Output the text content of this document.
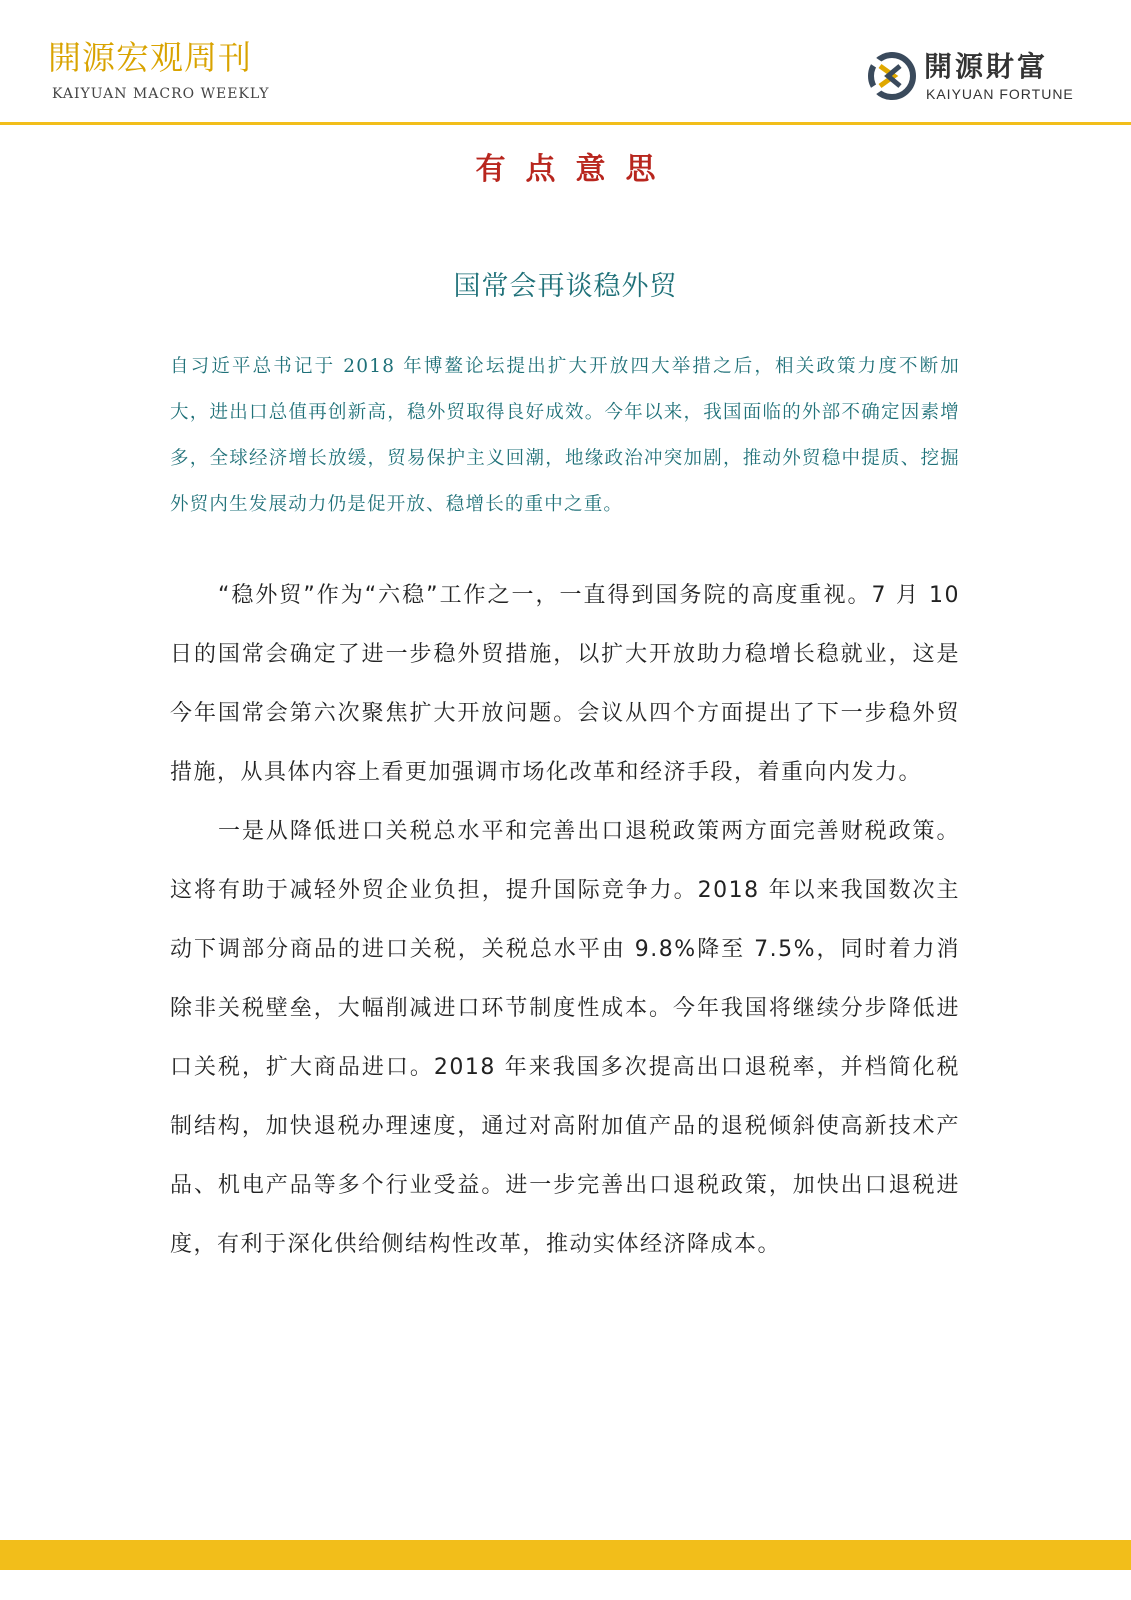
開源宏观周刊
KAIYUAN MACRO WEEKLY
開源財富
KAIYUAN FORTUNE
有点意思
国常会再谈稳外贸
自习近平总书记于 2018 年博鳌论坛提出扩大开放四大举措之后，相关政策力度不断加大，进出口总值再创新高，稳外贸取得良好成效。今年以来，我国面临的外部不确定因素增多，全球经济增长放缓，贸易保护主义回潮，地缘政治冲突加剧，推动外贸稳中提质、挖掘外贸内生发展动力仍是促开放、稳增长的重中之重。

“稳外贸”作为“六稳”工作之一，一直得到国务院的高度重视。7 月 10 日的国常会确定了进一步稳外贸措施，以扩大开放助力稳增长稳就业，这是今年国常会第六次聚焦扩大开放问题。会议从四个方面提出了下一步稳外贸措施，从具体内容上看更加强调市场化改革和经济手段，着重向内发力。

一是从降低进口关税总水平和完善出口退税政策两方面完善财税政策。这将有助于减轻外贸企业负担，提升国际竞争力。2018 年以来我国数次主动下调部分商品的进口关税，关税总水平由 9.8%降至 7.5%，同时着力消除非关税壁垒，大幅削减进口环节制度性成本。今年我国将继续分步降低进口关税，扩大商品进口。2018 年来我国多次提高出口退税率，并档简化税制结构，加快退税办理速度，通过对高附加值产品的退税倾斜使高新技术产品、机电产品等多个行业受益。进一步完善出口退税政策，加快出口退税进度，有利于深化供给侧结构性改革，推动实体经济降成本。
